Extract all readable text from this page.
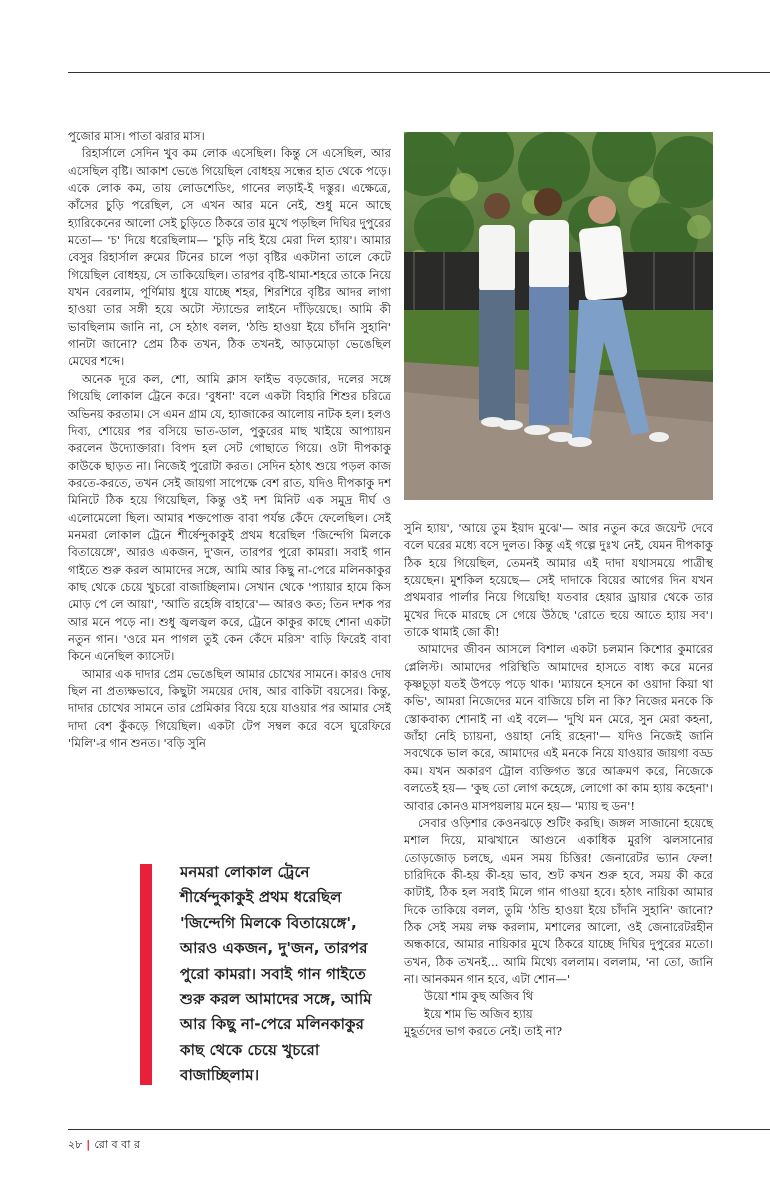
পুজোর মাস। পাতা ঝরার মাস।

রিহার্সালে সেদিন খুব কম লোক এসেছিল। কিন্তু সে এসেছিল, আর এসেছিল বৃষ্টি। আকাশ ভেঙে গিয়েছিল বোধহয় সন্ধের হাত থেকে পড়ে। একে লোক কম, তায় লোডশেডিং, গানের লড়াই-ই দস্তুর। এক্ষেত্রে, কাঁসের চুড়ি পরেছিল, সে এখন আর মনে নেই, শুধু মনে আছে হ্যারিকেনের আলো সেই চুড়িতে ঠিকরে তার মুখে পড়ছিল দিঘির দুপুরের মতো— 'চ' দিয়ে ধরেছিলাম— 'চুড়ি নহি ইয়ে মেরা দিল হ্যায়'। আমার বেসুর রিহার্সাল রুমের টিনের চালে পড়া বৃষ্টির একটানা তালে কেটে গিয়েছিল বোধহয়, সে তাকিয়েছিল। তারপর বৃষ্টি-থামা-শহরে তাকে নিয়ে যখন বেরলাম, পূর্ণিমায় ধুয়ে যাচ্ছে শহর, শিরশিরে বৃষ্টির আদর লাগা হাওয়া তার সঙ্গী হয়ে অটো স্ট্যান্ডের লাইনে দাঁড়িয়েছে। আমি কী ভাবছিলাম জানি না, সে হঠাৎ বলল, 'ঠন্ডি হাওয়া ইয়ে চাঁদনি সুহানি' গানটা জানো? প্রেম ঠিক তখন, ঠিক তখনই, আড়মোড়া ভেঙেছিল মেঘের শব্দে।

অনেক দূরে কল, শো, আমি ক্লাস ফাইভ বড়জোর, দলের সঙ্গে গিয়েছি লোকাল ট্রেনে করে। 'বুধনা' বলে একটা বিহারি শিশুর চরিত্রে অভিনয় করতাম। সে এমন গ্রাম যে, হ্যাজাকের আলোয় নাটক হল। হলও দিব্য, শোয়ের পর বসিয়ে ভাত-ডাল, পুকুরের মাছ খাইয়ে আপ্যায়ন করলেন উদ্যোক্তারা। বিপদ হল সেট গোছাতে গিয়ে। ওটা দীপকাকু কাউকে ছাড়ত না। নিজেই পুরোটা করত। সেদিন হঠাৎ শুয়ে পড়ল কাজ করতে-করতে, তখন সেই জায়গা সাপেক্ষে বেশ রাত, যদিও দীপকাকু দশ মিনিটে ঠিক হয়ে গিয়েছিল, কিন্তু ওই দশ মিনিট এক সমুদ্র দীর্ঘ ও এলোমেলো ছিল। আমার শক্তপোক্ত বাবা পর্যন্ত কেঁদে ফেলেছিল। সেই মনমরা লোকাল ট্রেনে শীর্ষেন্দুকাকুই প্রথম ধরেছিল 'জিন্দেগি মিলকে বিতায়েঙ্গে', আরও একজন, দু'জন, তারপর পুরো কামরা। সবাই গান গাইতে শুরু করল আমাদের সঙ্গে, আমি আর কিছু না-পেরে মলিনকাকুর কাছ থেকে চেয়ে খুচরো বাজাচ্ছিলাম। সেখান থেকে 'প্যায়ার হামে কিস মোড় পে লে আয়া', 'আতি রহেঙ্গি বাহারে'— আরও কত; তিন দশক পর আর মনে পড়ে না। শুধু জ্বলজ্বল করে, ট্রেনে কাকুর কাছে শোনা একটা নতুন গান। 'ওরে মন পাগল তুই কেন কেঁদে মরিস' বাড়ি ফিরেই বাবা কিনে এনেছিল ক্যাসেট।

আমার এক দাদার প্রেম ভেঙেছিল আমার চোখের সামনে। কারও দোষ ছিল না প্রত্যক্ষভাবে, কিছুটা সময়ের দোষ, আর বাকিটা বয়সের। কিন্তু, দাদার চোখের সামনে তার প্রেমিকার বিয়ে হয়ে যাওয়ার পর আমার সেই দাদা বেশ কুঁকড়ে গিয়েছিল। একটা টেপ সম্বল করে বসে ঘুরেফিরে 'মিলি'-র গান শুনত। 'বড়ি সুনি

সুনি হ্যায়', 'আয়ে তুম ইয়াদ মুঝে'— আর নতুন করে জয়েন্ট দেবে বলে ঘরের মধ্যে বসে দুলত। কিন্তু এই গল্পে দুঃখ নেই, যেমন দীপকাকু ঠিক হয়ে গিয়েছিল, তেমনই আমার এই দাদা যথাসময়ে পাত্রীস্থ হয়েছেন। মুশকিল হয়েছে— সেই দাদাকে বিয়ের আগের দিন যখন প্রথমবার পার্লার নিয়ে গিয়েছি! যতবার হেয়ার ড্রায়ার থেকে তার মুখের দিকে মারছে সে গেয়ে উঠছে 'রোতে হুয়ে আতে হ্যায় সব'। তাকে থামাই জো কী!

আমাদের জীবন আসলে বিশাল একটা চলমান কিশোর কুমারের প্লেলিস্ট। আমাদের পরিস্থিতি আমাদের হাসতে বাধ্য করে মনের কৃষ্ণচূড়া যতই উপড়ে পড়ে থাক। 'ম্যায়নে হসনে কা ওয়াদা কিয়া থা কভি', আমরা নিজেদের মনে বাজিয়ে চলি না কি? নিজের মনকে কি স্তোকবাক্য শোনাই না এই বলে— 'দুখি মন মেরে, সুন মেরা কহনা, জাঁহা নেহি চ্যায়না, ওয়াহা নেহি রহেনা'— যদিও নিজেই জানি সবথেকে ভাল করে, আমাদের এই মনকে নিয়ে যাওয়ার জায়গা বড্ড কম। যখন অকারণ ট্রোল ব্যক্তিগত স্তরে আক্রমণ করে, নিজেকে বলতেই হয়— 'কুছ তো লোগ কহেঙ্গে, লোগো কা কাম হ্যায় কহেনা'। আবার কোনও মাসপয়লায় মনে হয়— 'ম্যায় হু ডন'!

সেবার ওড়িশার কেওনঝড়ে শুটিং করছি। জঙ্গল সাজানো হয়েছে মশাল দিয়ে, মাঝখানে আগুনে একাধিক মুরগি ঝলসানোর তোড়জোড় চলছে, এমন সময় চিত্তির! জেনারেটর ভ্যান ফেল! চারিদিকে কী-হয় কী-হয় ভাব, শুট কখন শুরু হবে, সময় কী করে কাটাই, ঠিক হল সবাই মিলে গান গাওয়া হবে। হঠাৎ নায়িকা আমার দিকে তাকিয়ে বলল, তুমি 'ঠন্ডি হাওয়া ইয়ে চাঁদনি সুহানি' জানো? ঠিক সেই সময় লক্ষ করলাম, মশালের আলো, ওই জেনারেটরহীন অন্ধকারে, আমার নায়িকার মুখে ঠিকরে যাচ্ছে দিঘির দুপুরের মতো। তখন, ঠিক তখনই... আমি মিথ্যে বললাম। বললাম, 'না তো, জানি না। আনকমন গান হবে, এটা শোন—'

উয়ো শাম কুছ অজিব থি
ইয়ে শাম ভি অজিব হ্যায়

মুহূর্তদের ভাগ করতে নেই। তাই না?

মনমরা লোকাল ট্রেনে শীর্ষেন্দুকাকুই প্রথম ধরেছিল 'জিন্দেগি মিলকে বিতায়েঙ্গে', আরও একজন, দু'জন, তারপর পুরো কামরা। সবাই গান গাইতে শুরু করল আমাদের সঙ্গে, আমি আর কিছু না-পেরে মলিনকাকুর কাছ থেকে চেয়ে খুচরো বাজাচ্ছিলাম।
২৮ | রো ব বা র
